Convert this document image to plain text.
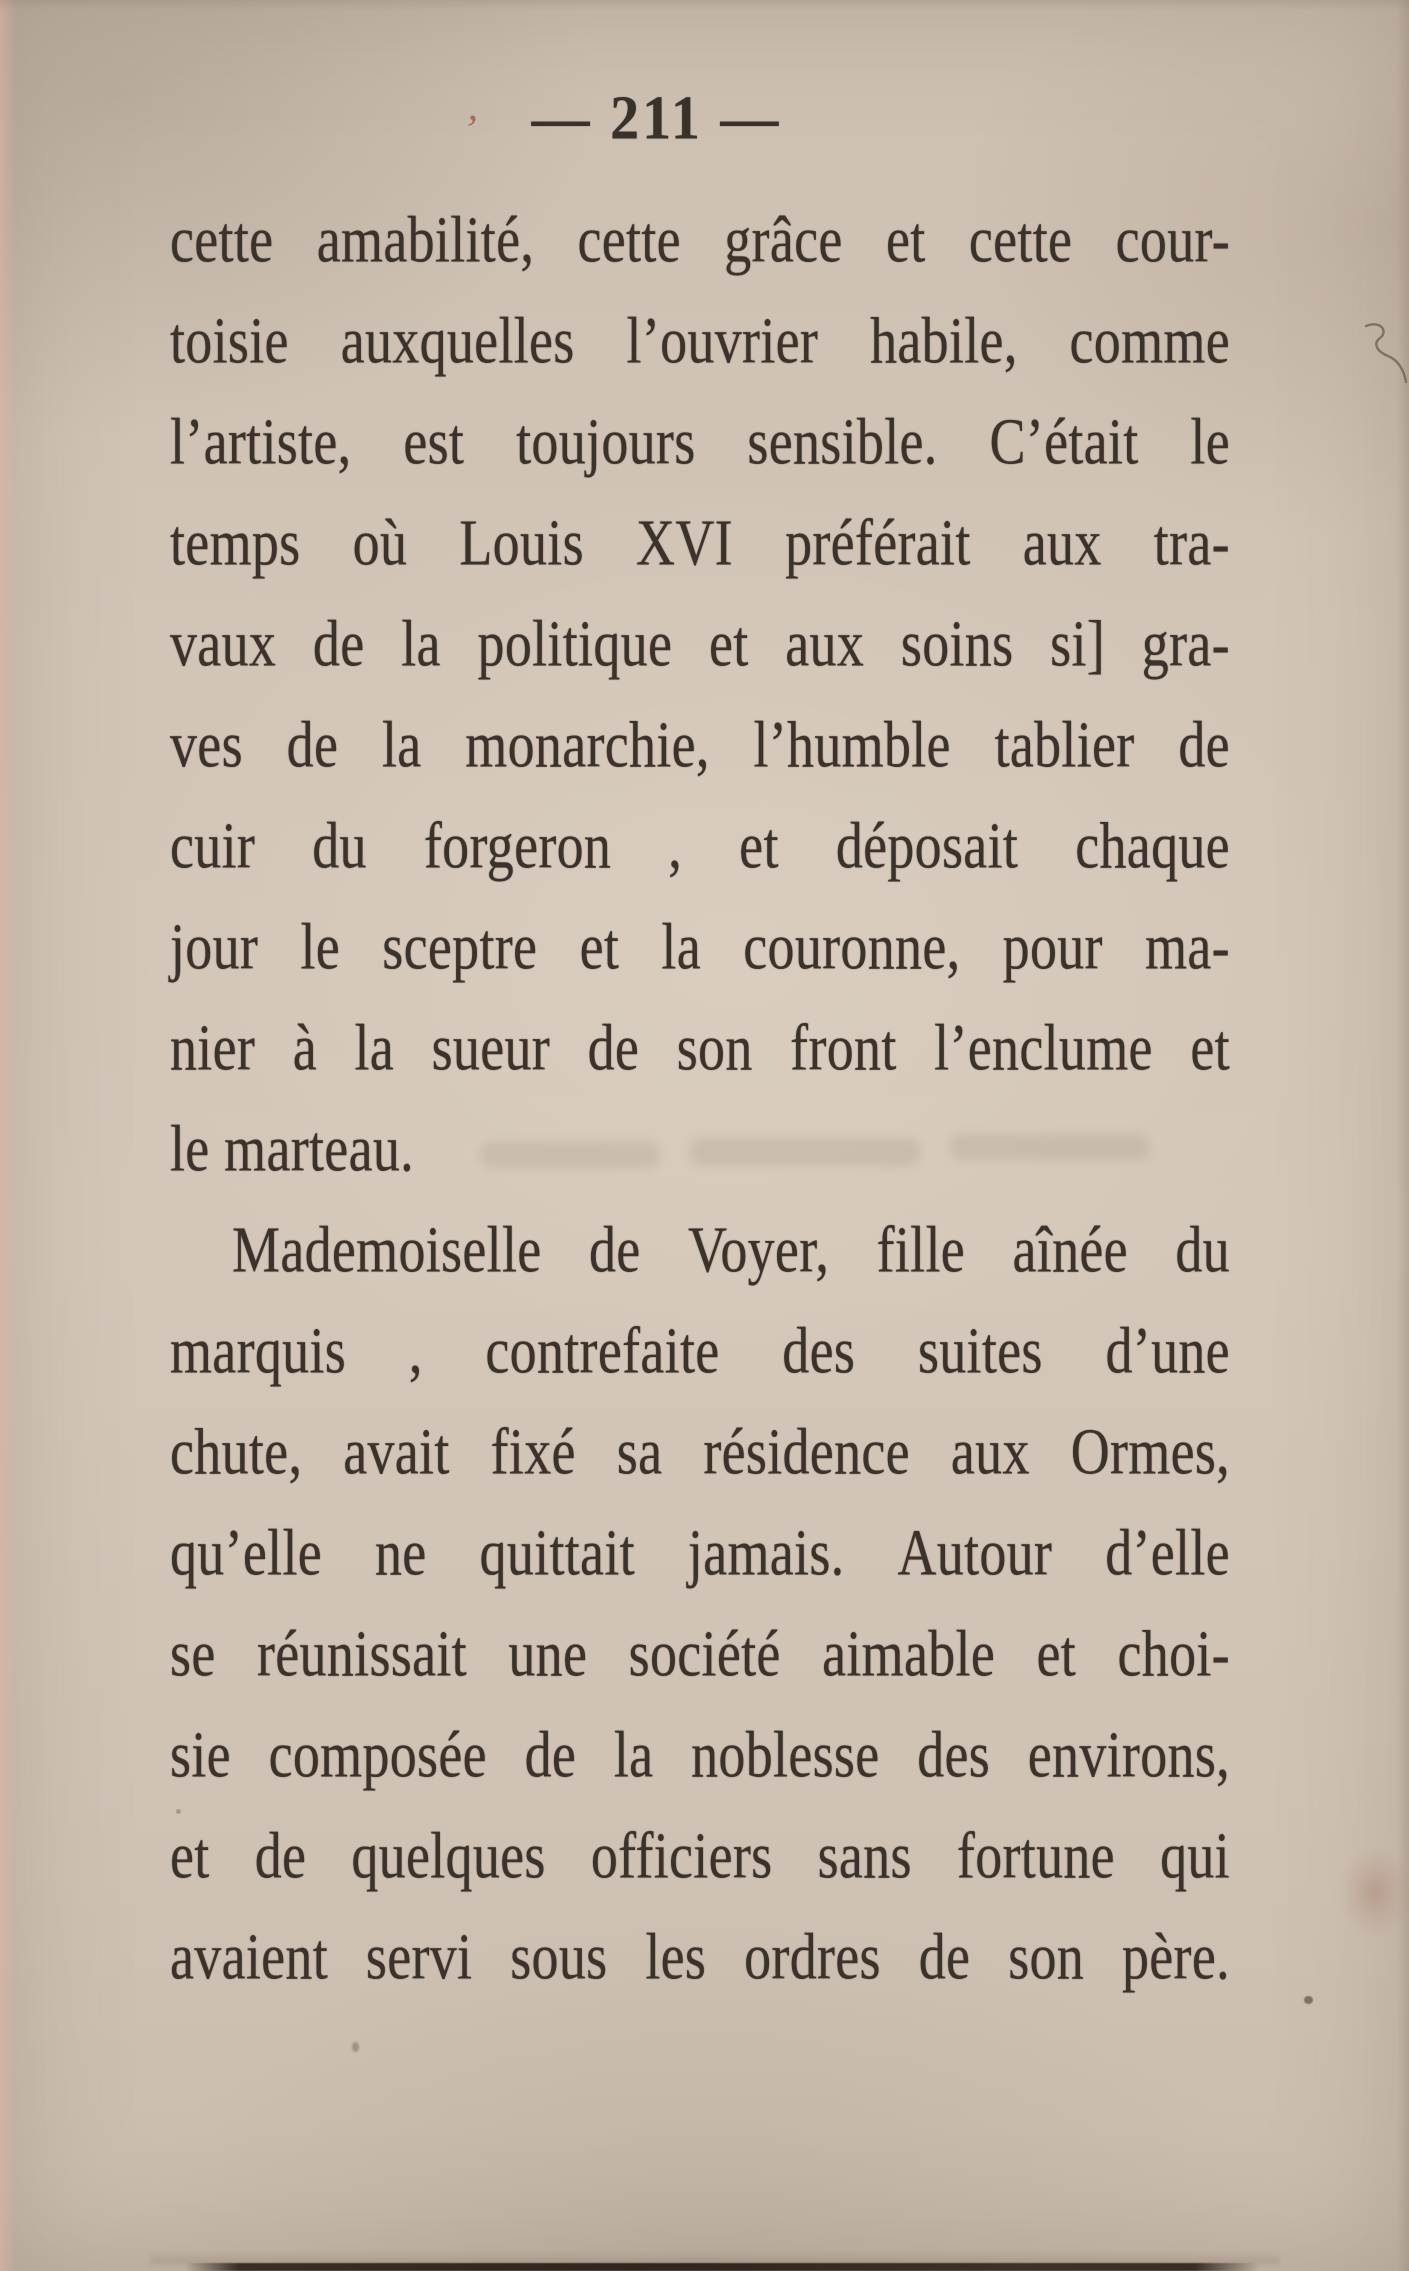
— 211 —
’
cette amabilité, cette grâce et cette cour-
toisie auxquelles l’ouvrier habile, comme
l’artiste, est toujours sensible. C’était le
temps où Louis XVI préférait aux tra-
vaux de la politique et aux soins si] gra-
ves de la monarchie, l’humble tablier de
cuir du forgeron , et déposait chaque
jour le sceptre et la couronne, pour ma-
nier à la sueur de son front l’enclume et
le marteau.
Mademoiselle de Voyer, fille aînée du
marquis , contrefaite des suites d’une
chute, avait fixé sa résidence aux Ormes,
qu’elle ne quittait jamais. Autour d’elle
se réunissait une société aimable et choi-
sie composée de la noblesse des environs,
et de quelques officiers sans fortune qui
avaient servi sous les ordres de son père.
